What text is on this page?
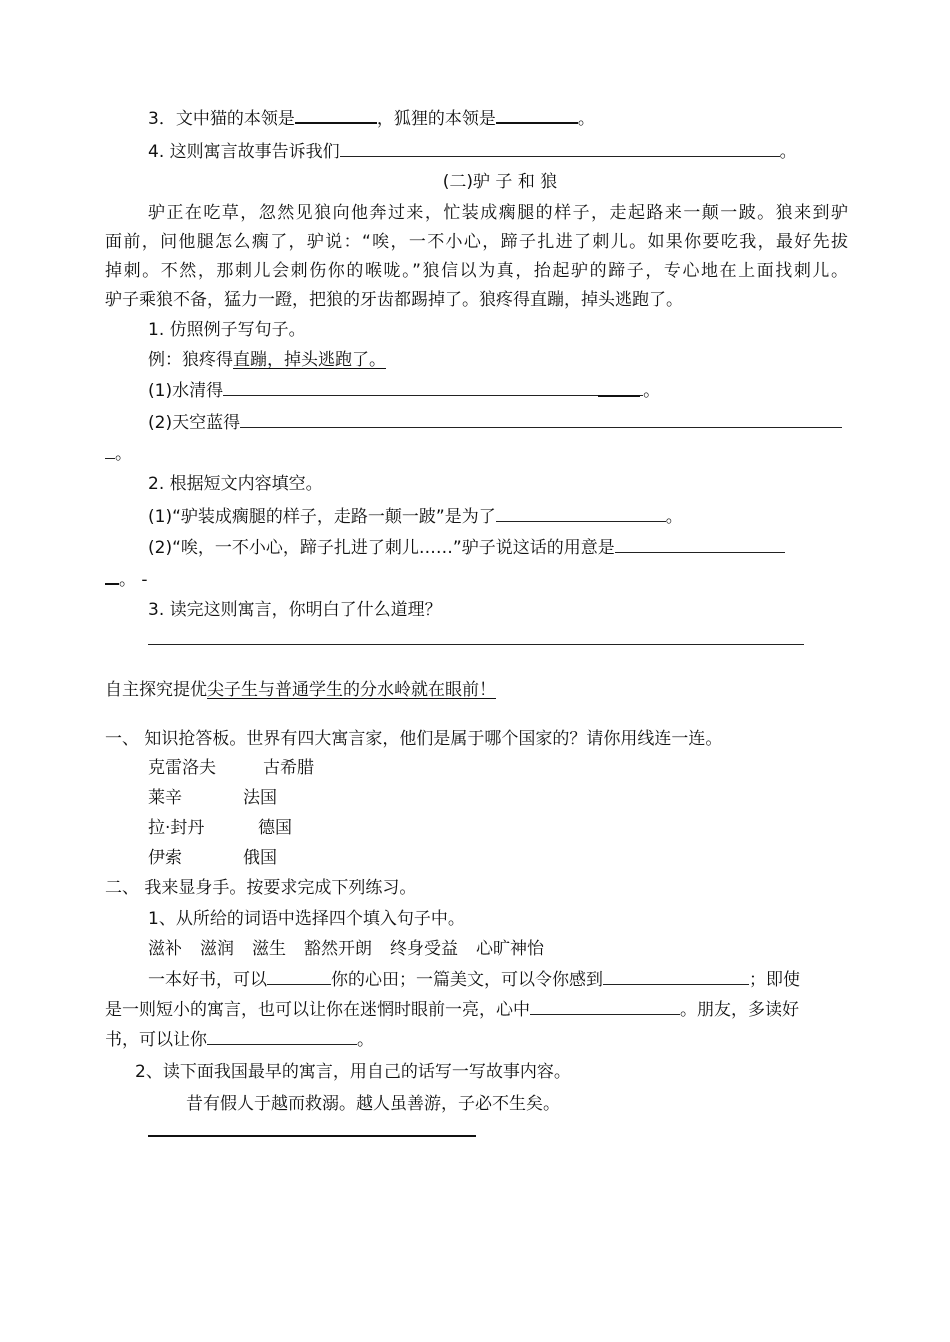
3．文中猫的本领是	，狐狸的本领是	。
4. 这则寓言故事告诉我们	。
(二)驴 子 和 狼
驴正在吃草，忽然见狼向他奔过来，忙装成瘸腿的样子，走起路来一颠一跛。狼来到驴
面前，问他腿怎么瘸了，驴说：“唉，一不小心，蹄子扎进了刺儿。如果你要吃我，最好先拔
掉刺。不然，那刺儿会刺伤你的喉咙。”狼信以为真，抬起驴的蹄子，专心地在上面找刺儿。
驴子乘狼不备，猛力一蹬，把狼的牙齿都踢掉了。狼疼得直蹦，掉头逃跑了。
1. 仿照例子写句子。
例：狼疼得直蹦，掉头逃跑了。
(1)水清得	。
(2)天空蓝得
。
2. 根据短文内容填空。
(1)“驴装成瘸腿的样子，走路一颠一跛”是为了	。
(2)“唉，一不小心，蹄子扎进了刺儿……”驴子说这话的用意是
。 -
3. 读完这则寓言，你明白了什么道理？
自主探究提优尖子生与普通学生的分水岭就在眼前！
一、 知识抢答板。世界有四大寓言家，他们是属于哪个国家的？请你用线连一连。
克雷洛夫	古希腊
莱辛	法国
拉·封丹	德国
伊索	俄国
二、 我来显身手。按要求完成下列练习。
1、从所给的词语中选择四个填入句子中。
滋补 滋润 滋生 豁然开朗 终身受益 心旷神怡
一本好书，可以	你的心田；一篇美文，可以令你感到	；即使
是一则短小的寓言，也可以让你在迷惘时眼前一亮，心中	。朋友，多读好
书，可以让你	。
2、读下面我国最早的寓言，用自己的话写一写故事内容。
昔有假人于越而救溺。越人虽善游，子必不生矣。
